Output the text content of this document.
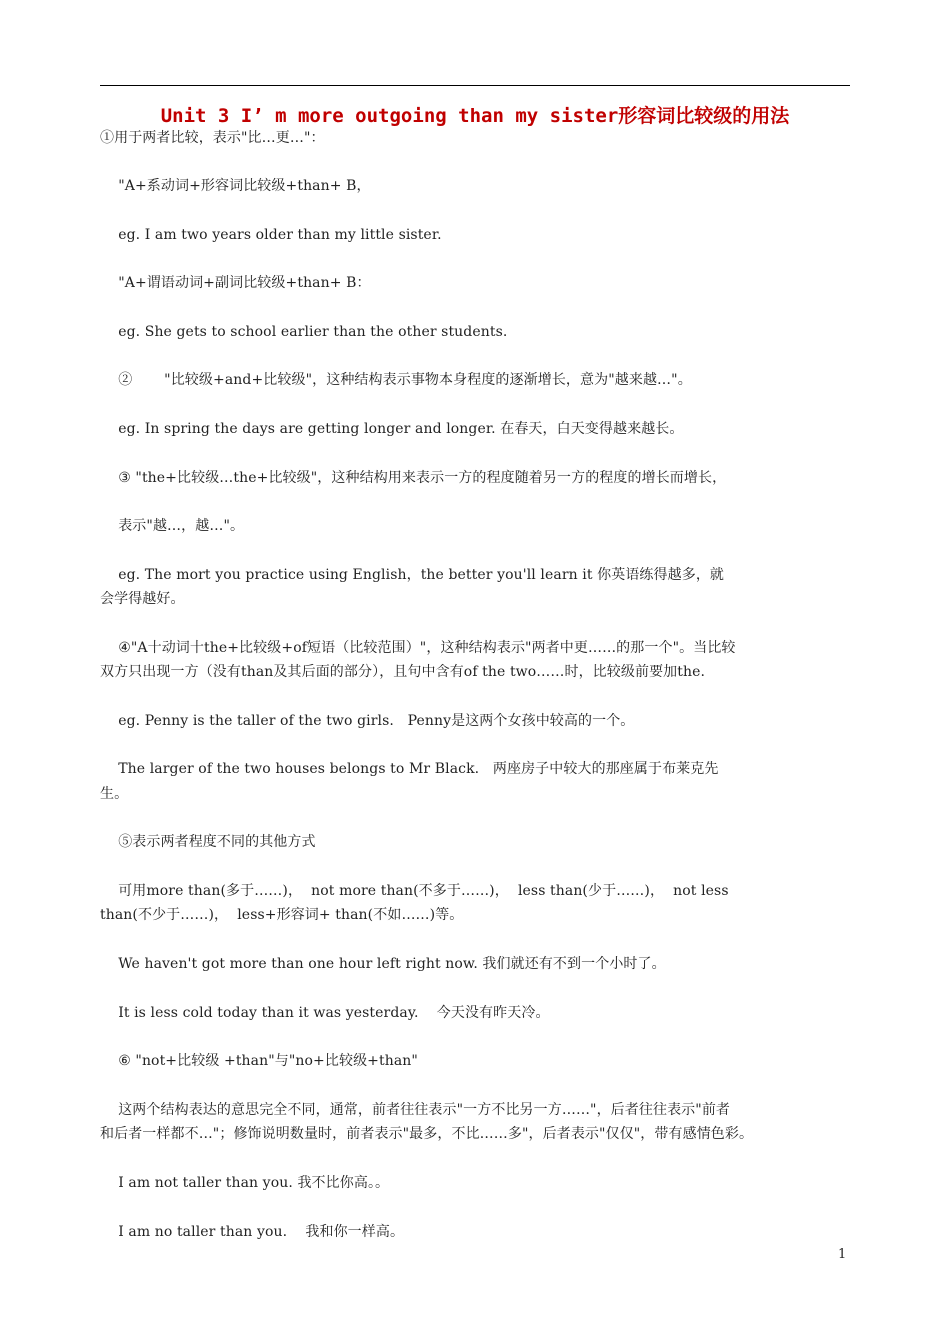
Unit 3 I’ m more outgoing than my sister形容词比较级的用法
①用于两者比较，表示"比…更…"：
"A+系动词+形容词比较级+than+ B，
eg. I am two years older than my little sister.
"A+谓语动词+副词比较级+than+ B：
eg. She gets to school earlier than the other students.
②       "比较级+and+比较级"，这种结构表示事物本身程度的逐渐增长，意为"越来越…"。
eg. In spring the days are getting longer and longer. 在春天，白天变得越来越长。
③ "the+比较级…the+比较级"，这种结构用来表示一方的程度随着另一方的程度的增长而增长，
表示"越…，越…"。
eg. The mort you practice using English，the better you'll learn it 你英语练得越多，就
会学得越好。
④"A十动词十the+比较级+of短语（比较范围）"，这种结构表示"两者中更……的那一个"。当比较
双方只出现一方（没有than及其后面的部分），且句中含有of the two……时，比较级前要加the.
eg. Penny is the taller of the two girls.   Penny是这两个女孩中较高的一个。
The larger of the two houses belongs to Mr Black.   两座房子中较大的那座属于布莱克先
生。
⑤表示两者程度不同的其他方式
可用more than(多于……)，  not more than(不多于……)，  less than(少于……)，  not less
than(不少于……)，  less+形容词+ than(不如……)等。
We haven't got more than one hour left right now. 我们就还有不到一个小时了。
It is less cold today than it was yesterday.    今天没有昨天冷。
⑥ "not+比较级 +than"与"no+比较级+than"
这两个结构表达的意思完全不同，通常，前者往往表示"一方不比另一方……"，后者往往表示"前者
和后者一样都不…"；修饰说明数量时，前者表示"最多，不比……多"，后者表示"仅仅"，带有感情色彩。
I am not taller than you. 我不比你高。。
I am no taller than you.    我和你一样高。
1
